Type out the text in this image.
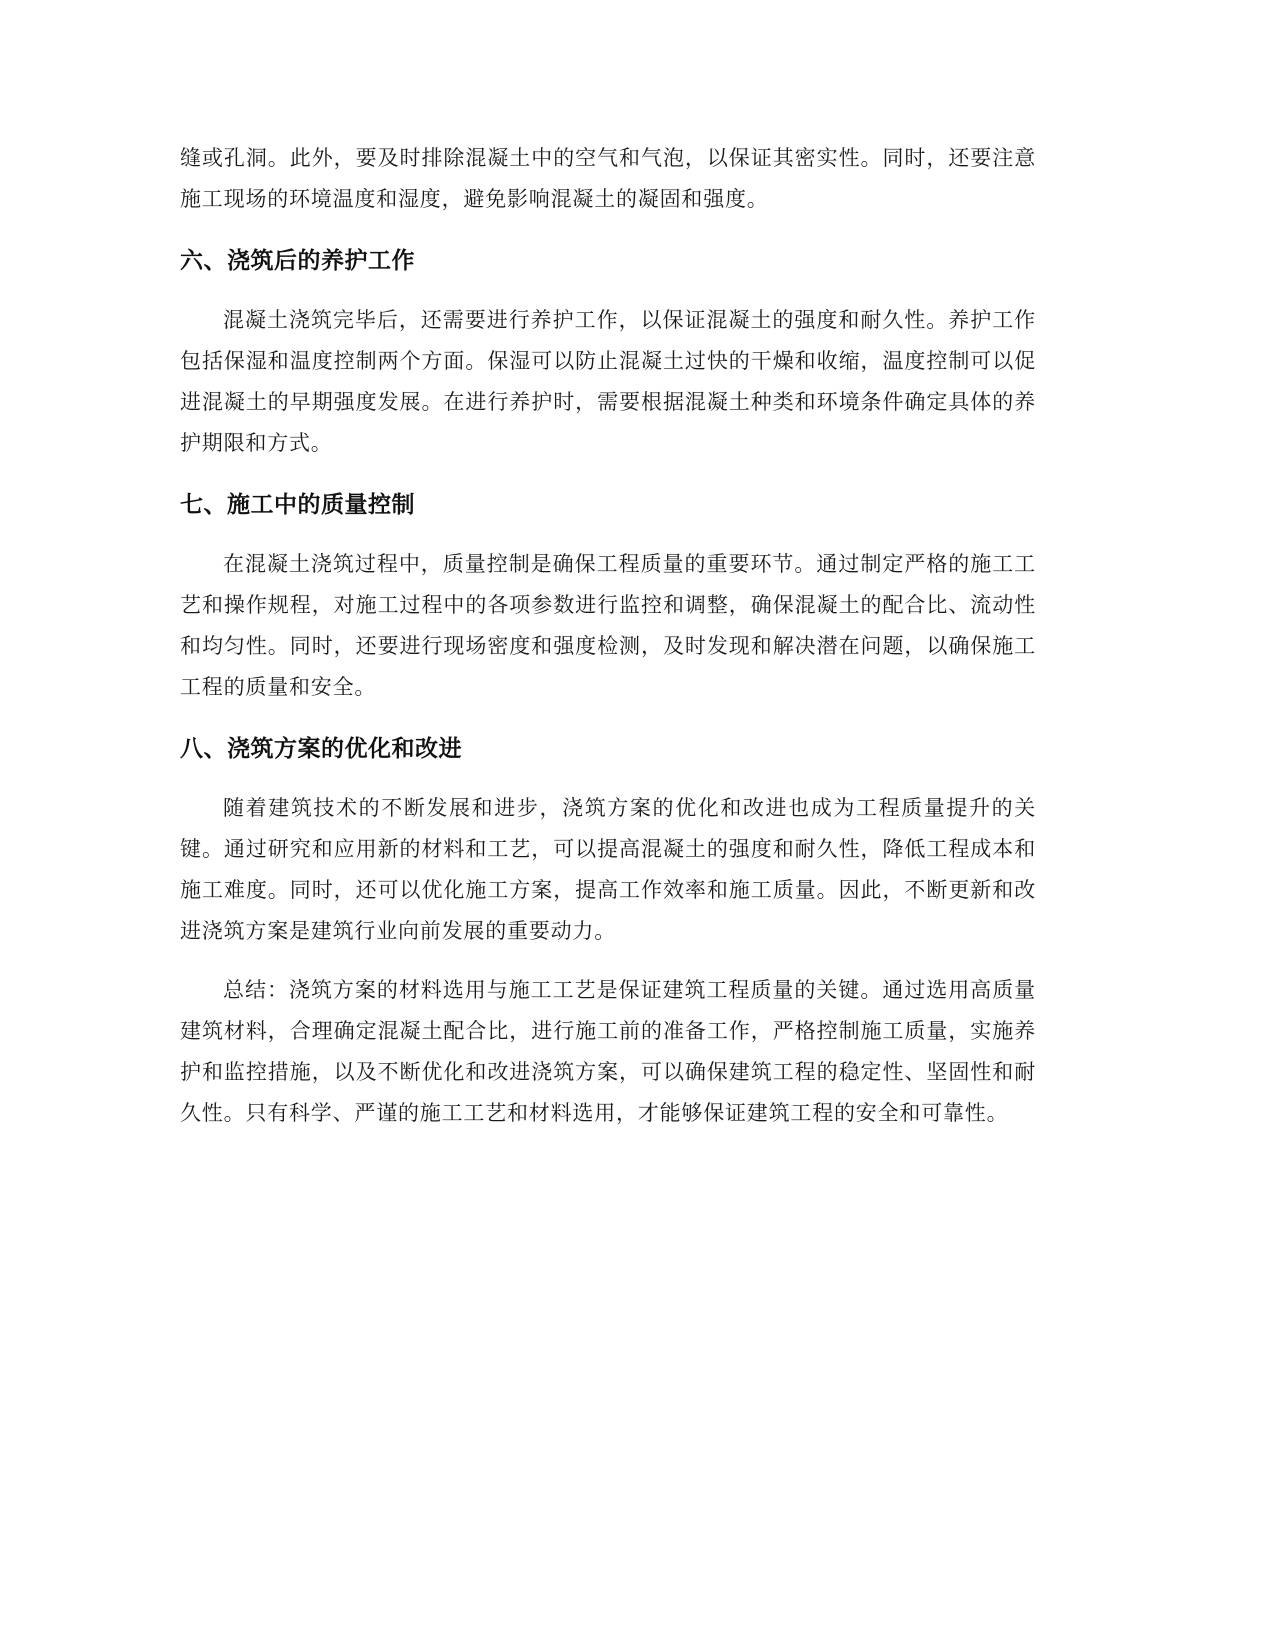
缝或孔洞。此外，要及时排除混凝土中的空气和气泡，以保证其密实性。同时，还要注意施工现场的环境温度和湿度，避免影响混凝土的凝固和强度。

六、浇筑后的养护工作

混凝土浇筑完毕后，还需要进行养护工作，以保证混凝土的强度和耐久性。养护工作包括保湿和温度控制两个方面。保湿可以防止混凝土过快的干燥和收缩，温度控制可以促进混凝土的早期强度发展。在进行养护时，需要根据混凝土种类和环境条件确定具体的养护期限和方式。

七、施工中的质量控制

在混凝土浇筑过程中，质量控制是确保工程质量的重要环节。通过制定严格的施工工艺和操作规程，对施工过程中的各项参数进行监控和调整，确保混凝土的配合比、流动性和均匀性。同时，还要进行现场密度和强度检测，及时发现和解决潜在问题，以确保施工工程的质量和安全。

八、浇筑方案的优化和改进

随着建筑技术的不断发展和进步，浇筑方案的优化和改进也成为工程质量提升的关键。通过研究和应用新的材料和工艺，可以提高混凝土的强度和耐久性，降低工程成本和施工难度。同时，还可以优化施工方案，提高工作效率和施工质量。因此，不断更新和改进浇筑方案是建筑行业向前发展的重要动力。

总结：浇筑方案的材料选用与施工工艺是保证建筑工程质量的关键。通过选用高质量建筑材料，合理确定混凝土配合比，进行施工前的准备工作，严格控制施工质量，实施养护和监控措施，以及不断优化和改进浇筑方案，可以确保建筑工程的稳定性、坚固性和耐久性。只有科学、严谨的施工工艺和材料选用，才能够保证建筑工程的安全和可靠性。
